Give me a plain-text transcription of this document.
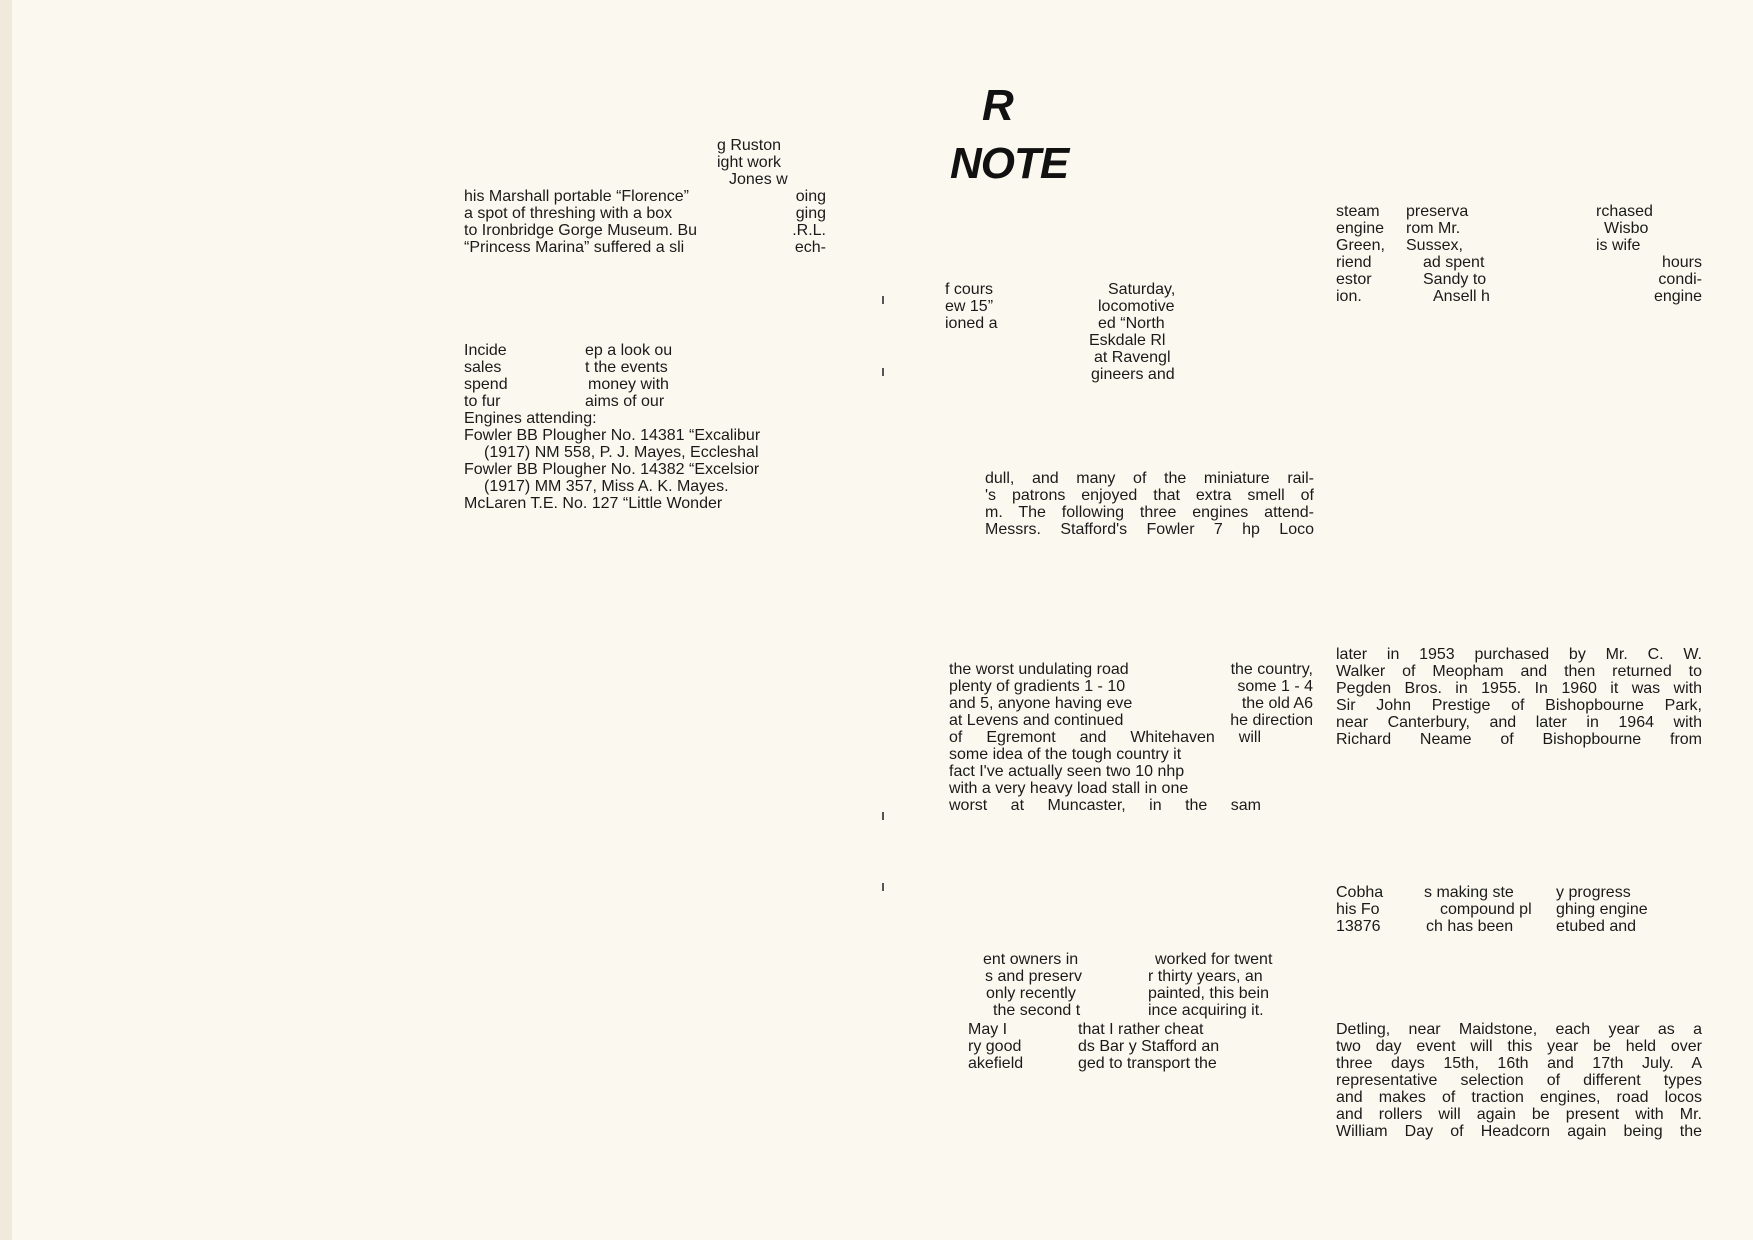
R
NOTE
g Ruston
ight work
Jones w
his Marshall portable “Florence”	oing
a spot of threshing with a box	ging
to Ironbridge Gorge Museum. Bu	.R.L.
“Princess Marina” suffered a sli	ech-
Incide	ep a look ou
sales	t the events
spend	money with
to fur	aims of our
Engines attending:
Fowler BB Plougher No. 14381 “Excalibur
(1917) NM 558, P. J. Mayes, Eccleshal
Fowler BB Plougher No. 14382 “Excelsior
(1917) MM 357, Miss A. K. Mayes.
McLaren T.E. No. 127 “Little Wonder
f cours	Saturday,
ew 15”	locomotive
ioned a	ed “North
Eskdale Rl
at Ravengl
gineers and
dull, and many of the miniature rail-
's patrons enjoyed that extra smell of
m. The following three engines attend-
Messrs. Stafford's Fowler 7 hp Loco
the worst undulating road	the country,
plenty of gradients 1 - 10	some 1 - 4
and 5, anyone having eve	the old A6
at Levens and continued	he direction
of Egremont and Whitehaven will
some idea of the tough country it
fact I've actually seen two 10 nhp
with a very heavy load stall in one
worst at Muncaster, in the sam
ent owners in	worked for twent
s and preserv	r thirty years, an
only recently	painted, this bein
the second t	ince acquiring it.
May I	that I rather cheat
ry good	ds Bar y Stafford an
akefield	ged to transport the
steam preserva	rchased
engine rom Mr.	Wisbo
Green, Sussex,	is wife
riend	ad spent	hours
estor	Sandy to	condi-
ion.	Ansell h	engine
later in 1953 purchased by Mr. C. W.
Walker of Meopham and then returned to
Pegden Bros. in 1955. In 1960 it was with
Sir John Prestige of Bishopbourne Park,
near Canterbury, and later in 1964 with
Richard Neame of Bishopbourne from
Cobha	s making ste	y progress
his Fo	compound pl ghing engine
13876	ch has been	etubed and
Detling, near Maidstone, each year as a
two day event will this year be held over
three days 15th, 16th and 17th July. A
representative selection of different types
and makes of traction engines, road locos
and rollers will again be present with Mr.
William Day of Headcorn again being the
